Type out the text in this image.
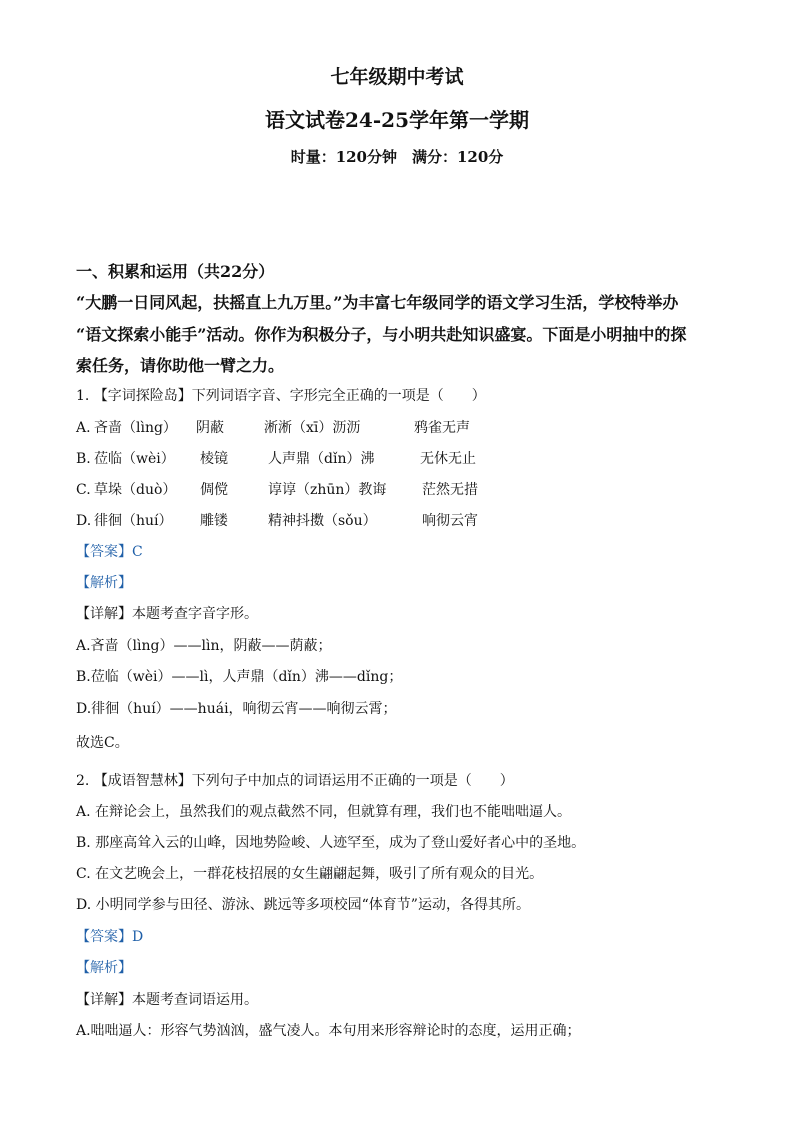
七年级期中考试
语文试卷24-25学年第一学期
时量：120分钟　满分：120分
一、积累和运用（共22分）
“大鹏一日同风起，扶摇直上九万里。”为丰富七年级同学的语文学习生活，学校特举办
“语文探索小能手”活动。你作为积极分子，与小明共赴知识盛宴。下面是小明抽中的探
索任务，请你助他一臂之力。
1. 【字词探险岛】下列词语字音、字形完全正确的一项是（　　）
A. 吝啬（lìng） 阴蔽	淅淅（xī）沥沥	鸦雀无声
B. 莅临（wèi） 棱镜	人声鼎（dǐn）沸	无休无止
C. 草垛（duò） 倜傥	谆谆（zhūn）教诲	茫然无措
D. 徘徊（huí） 雕镂	精神抖擞（sǒu）	响彻云宵
【答案】C
【解析】
【详解】本题考查字音字形。
A.吝啬（lìng）——lìn，阴蔽——荫蔽；
B.莅临（wèi）——lì，人声鼎（dǐn）沸——dǐng；
D.徘徊（huí）——huái，响彻云宵——响彻云霄；
故选C。
2. 【成语智慧林】下列句子中加点的词语运用不正确的一项是（　　）
A. 在辩论会上，虽然我们的观点截然不同，但就算有理，我们也不能咄咄逼人。
B. 那座高耸入云的山峰，因地势险峻、人迹罕至，成为了登山爱好者心中的圣地。
C. 在文艺晚会上，一群花枝招展的女生翩翩起舞，吸引了所有观众的目光。
D. 小明同学参与田径、游泳、跳远等多项校园“体育节”运动，各得其所。
【答案】D
【解析】
【详解】本题考查词语运用。
A.咄咄逼人：形容气势汹汹，盛气凌人。本句用来形容辩论时的态度，运用正确；
